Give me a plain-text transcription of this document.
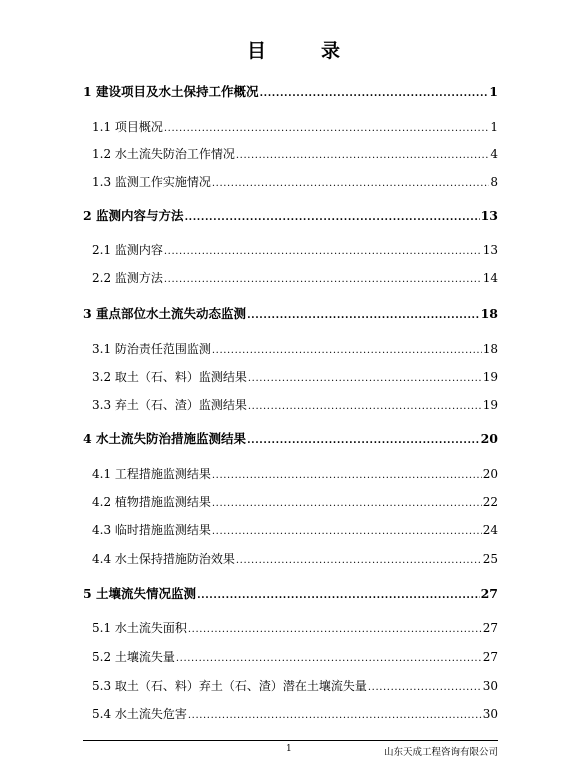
目　录
1 建设项目及水土保持工作概况 .....	1
1.1 项目概况 .....	1
1.2 水土流失防治工作情况 .....	4
1.3 监测工作实施情况 .....	8
2 监测内容与方法 .....	13
2.1 监测内容 .....	13
2.2 监测方法 .....	14
3 重点部位水土流失动态监测 .....	18
3.1 防治责任范围监测 .....	18
3.2 取土（石、料）监测结果 .....	19
3.3 弃土（石、渣）监测结果 .....	19
4 水土流失防治措施监测结果 .....	20
4.1 工程措施监测结果 .....	20
4.2 植物措施监测结果 .....	22
4.3 临时措施监测结果 .....	24
4.4 水土保持措施防治效果 .....	25
5 土壤流失情况监测 .....	27
5.1 水土流失面积 .....	27
5.2 土壤流失量 .....	27
5.3 取土（石、料）弃土（石、渣）潜在土壤流失量 .....	30
5.4 水土流失危害 .....	30
1	山东天成工程咨询有限公司
